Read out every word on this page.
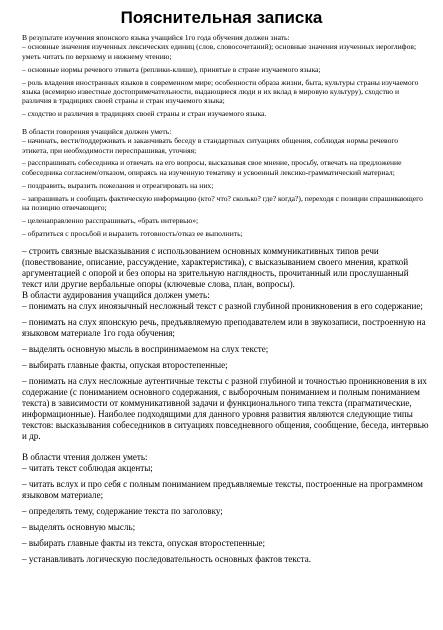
Пояснительная записка

В результате изучения японского языка учащийся 1го года обучения должен знать:

– основные значения изученных лексических единиц (слов, словосочетаний); основные значения изученных иероглифов; уметь читать по верхнему и нижнему чтению;

– основные нормы речевого этикета (реплики-клише), принятые в стране изучаемого языка;

– роль владения иностранных языков в современном мире; особенности образа жизни, быта, культуры страны изучаемого языка (всемирно известные достопримечательности, выдающиеся люди и их вклад в мировую культуру), сходство и различия в традициях своей страны и стран изучаемого языка;

– сходство и различия в традициях своей страны и стран изучаемого языка.

В области говорения учащийся должен уметь:

– начинать, вести/поддерживать и заканчивать беседу в стандартных ситуациях общения, соблюдая нормы речевого этикета, при необходимости переспрашивая, уточняя;

– расспрашивать собеседника и отвечать на его вопросы, высказывая свое мнение, просьбу, отвечать на предложение собеседника согласием/отказом, опираясь на изученную тематику и усвоенный лексико-грамматический материал;

– поздравить, выразить пожелания и отреагировать на них;

– запрашивать и сообщать фактическую информацию (кто? что? сколько? где? когда?), переходя с позиции спрашивающего на позицию отвечающего;

– целенаправленно расспрашивать, «брать интервью»;

– обратиться с просьбой и выразить готовность/отказ ее выполнить;

– строить связные высказывания с использованием основных коммуникативных типов речи (повествование, описание, рассуждение, характеристика), с высказыванием своего мнения, краткой аргументацией с опорой и без опоры на зрительную наглядность, прочитанный или прослушанный текст или другие вербальные опоры (ключевые слова, план, вопросы).

В области аудирования учащийся должен уметь:

– понимать на слух иноязычный несложный текст с разной глубиной проникновения в его содержание;

– понимать на слух японскую речь, предъявляемую преподавателем или в звукозаписи, построенную на языковом материале 1го года обучения;

– выделять основную мысль в воспринимаемом на слух тексте;

– выбирать главные факты, опуская второстепенные;

– понимать на слух несложные аутентичные тексты с разной глубиной и точностью проникновения в их содержание (с пониманием основного содержания, с выборочным пониманием и полным пониманием текста) в зависимости от коммуникативной задачи и функционального типа текста (прагматические, информационные). Наиболее подходящими для данного уровня развития являются следующие типы текстов: высказывания собеседников в ситуациях повседневного общения, сообщение, беседа, интервью и др.

В области чтения должен уметь:

– читать текст соблюдая акценты;

– читать вслух и про себя с полным пониманием предъявляемые тексты, построенные на программном языковом материале;

– определять тему, содержание текста по заголовку;

– выделять основную мысль;

– выбирать главные факты из текста, опуская второстепенные;

– устанавливать логическую последовательность основных фактов текста.
